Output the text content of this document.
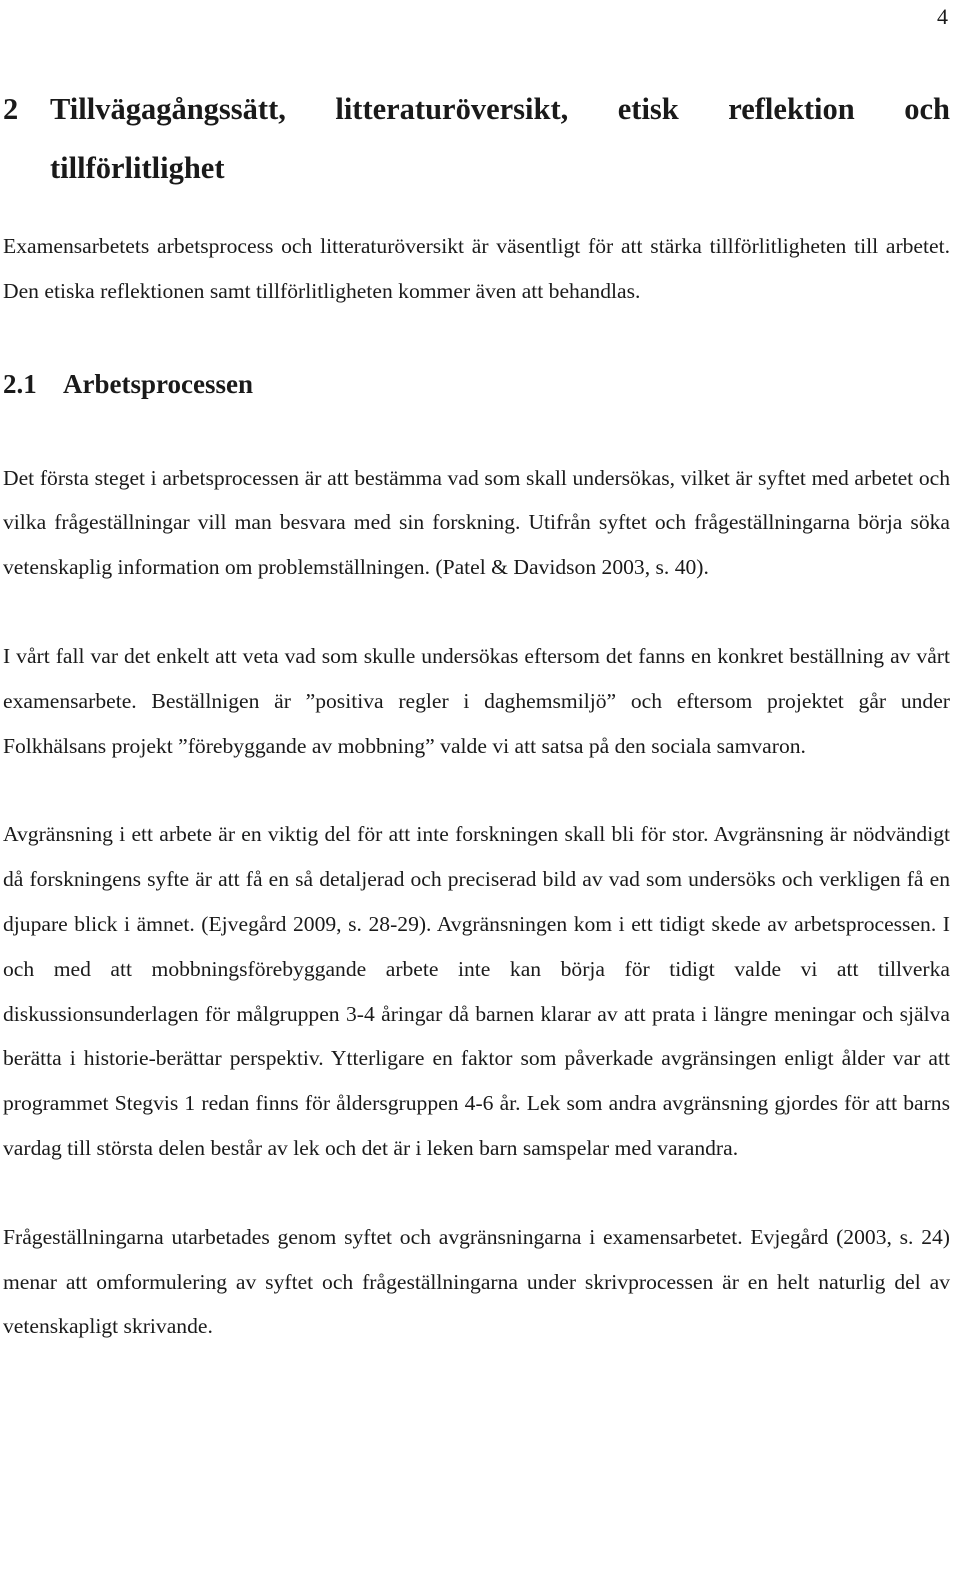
4
2	Tillvägagångssätt, litteraturöversikt, etisk reflektion och tillförlitlighet

Examensarbetets arbetsprocess och litteraturöversikt är väsentligt för att stärka tillförlitligheten till arbetet. Den etiska reflektionen samt tillförlitligheten kommer även att behandlas.

2.1 Arbetsprocessen

Det första steget i arbetsprocessen är att bestämma vad som skall undersökas, vilket är syftet med arbetet och vilka frågeställningar vill man besvara med sin forskning. Utifrån syftet och frågeställningarna börja söka vetenskaplig information om problemställningen. (Patel & Davidson 2003, s. 40).

I vårt fall var det enkelt att veta vad som skulle undersökas eftersom det fanns en konkret beställning av vårt examensarbete. Beställnigen är ”positiva regler i daghemsmiljö” och eftersom projektet går under Folkhälsans projekt ”förebyggande av mobbning” valde vi att satsa på den sociala samvaron.

Avgränsning i ett arbete är en viktig del för att inte forskningen skall bli för stor. Avgränsning är nödvändigt då forskningens syfte är att få en så detaljerad och preciserad bild av vad som undersöks och verkligen få en djupare blick i ämnet. (Ejvegård 2009, s. 28-29). Avgränsningen kom i ett tidigt skede av arbetsprocessen. I och med att mobbningsförebyggande arbete inte kan börja för tidigt valde vi att tillverka diskussionsunderlagen för målgruppen 3-4 åringar då barnen klarar av att prata i längre meningar och själva berätta i historie-berättar perspektiv. Ytterligare en faktor som påverkade avgränsingen enligt ålder var att programmet Stegvis 1 redan finns för åldersgruppen 4-6 år. Lek som andra avgränsning gjordes för att barns vardag till största delen består av lek och det är i leken barn samspelar med varandra.

Frågeställningarna utarbetades genom syftet och avgränsningarna i examensarbetet. Evjegård (2003, s. 24) menar att omformulering av syftet och frågeställningarna under skrivprocessen är en helt naturlig del av vetenskapligt skrivande.
